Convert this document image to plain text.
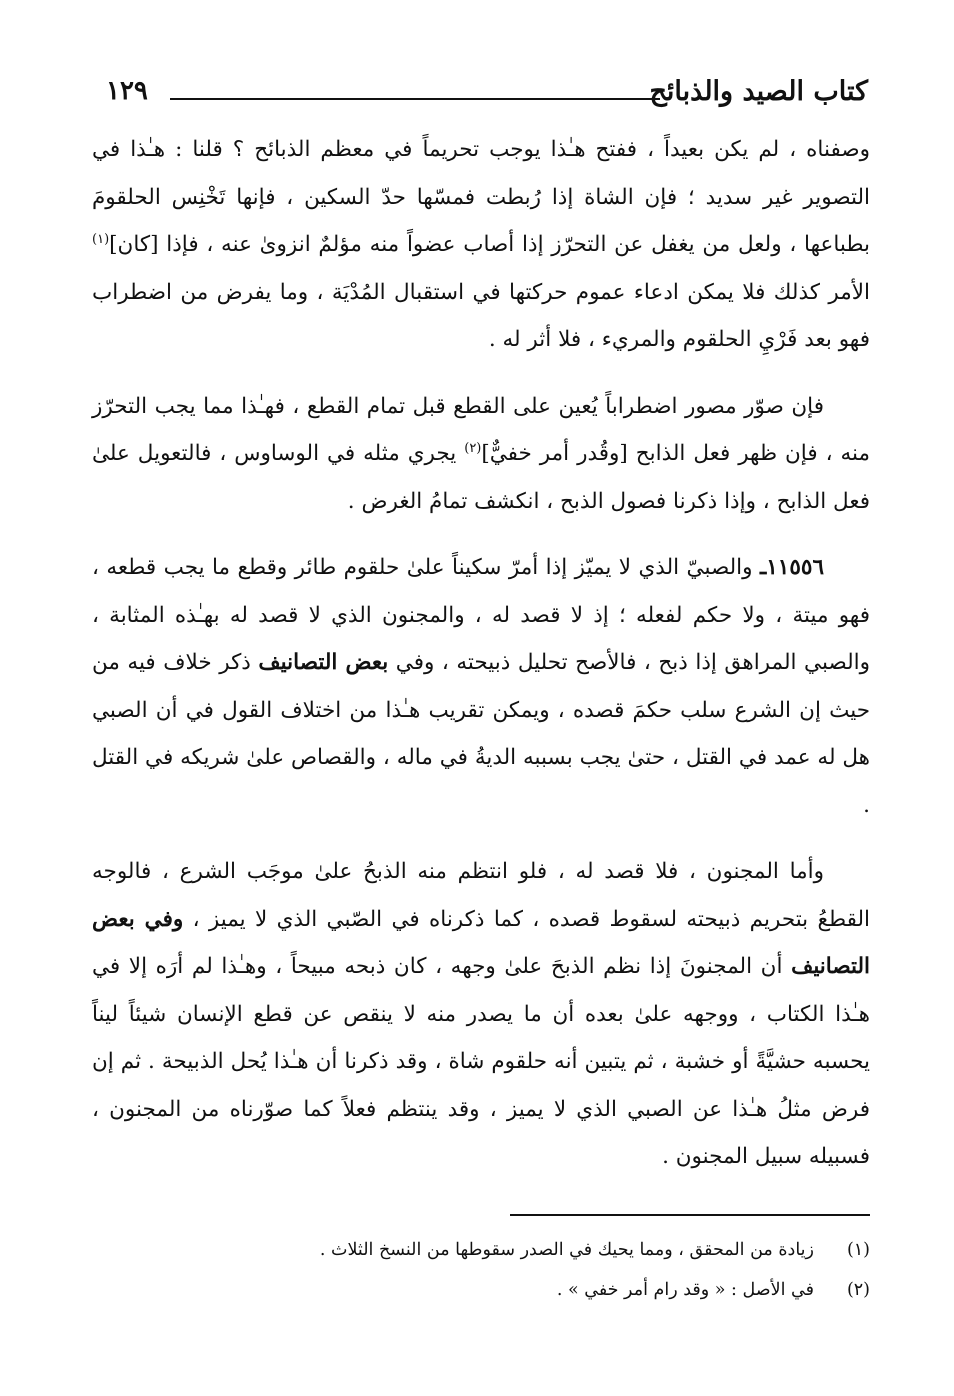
كتاب الصيد والذبائح
١٢٩

وصفناه ، لم يكن بعيداً ، ففتح هـٰذا يوجب تحريماً في معظم الذبائح ؟ قلنا : هـٰذا في التصوير غير سديد ؛ فإن الشاة إذا رُبطت فمسّها حدّ السكين ، فإنها تَخْنِس الحلقومَ بطباعها ، ولعل من يغفل عن التحرّز إذا أصاب عضواً منه مؤلمٌ انزوىٰ عنه ، فإذا [كان]$^{(١)}$ الأمر كذلك فلا يمكن ادعاء عموم حركتها في استقبال المُدْيَة ، وما يفرض من اضطراب فهو بعد فَرْيِ الحلقوم والمريء ، فلا أثر له .

فإن صوّر مصور اضطراباً يُعين على القطع قبل تمام القطع ، فهـٰذا مما يجب التحرّز منه ، فإن ظهر فعل الذابح [وقُدر أمر خفيٌّ]$^{(٢)}$ يجري مثله في الوساوس ، فالتعويل علىٰ فعل الذابح ، وإذا ذكرنا فصول الذبح ، انكشف تمامُ الغرض .

١١٥٥٦ـ والصبيّ الذي لا يميّز إذا أمرّ سكيناً علىٰ حلقوم طائر وقطع ما يجب قطعه ، فهو ميتة ، ولا حكم لفعله ؛ إذ لا قصد له ، والمجنون الذي لا قصد له بهـٰذه المثابة ، والصبي المراهق إذا ذبح ، فالأصح تحليل ذبيحته ، وفي بعض التصانيف ذكر خلاف فيه من حيث إن الشرع سلب حكمَ قصده ، ويمكن تقريب هـٰذا من اختلاف القول في أن الصبي هل له عمد في القتل ، حتىٰ يجب بسببه الديةُ في ماله ، والقصاص علىٰ شريكه في القتل .

وأما المجنون ، فلا قصد له ، فلو انتظم منه الذبحُ علىٰ موجَب الشرع ، فالوجه القطعُ بتحريم ذبيحته لسقوط قصده ، كما ذكرناه في الصّبي الذي لا يميز ، وفي بعض التصانيف أن المجنونَ إذا نظم الذبحَ علىٰ وجهه ، كان ذبحه مبيحاً ، وهـٰذا لم أرَه إلا في هـٰذا الكتاب ، ووجهه علىٰ بعده أن ما يصدر منه لا ينقص عن قطع الإنسان شيئاً ليناً يحسبه حشيَّةً أو خشبة ، ثم يتبين أنه حلقوم شاة ، وقد ذكرنا أن هـٰذا يُحل الذبيحة . ثم إن فرض مثلُ هـٰذا عن الصبي الذي لا يميز ، وقد ينتظم فعلاً كما صوّرناه من المجنون ، فسبيله سبيل المجنون .

(١)
زيادة من المحقق ، ومما يحيك في الصدر سقوطها من النسخ الثلاث .
(٢)
في الأصل : « وقد رام أمر خفي » .
